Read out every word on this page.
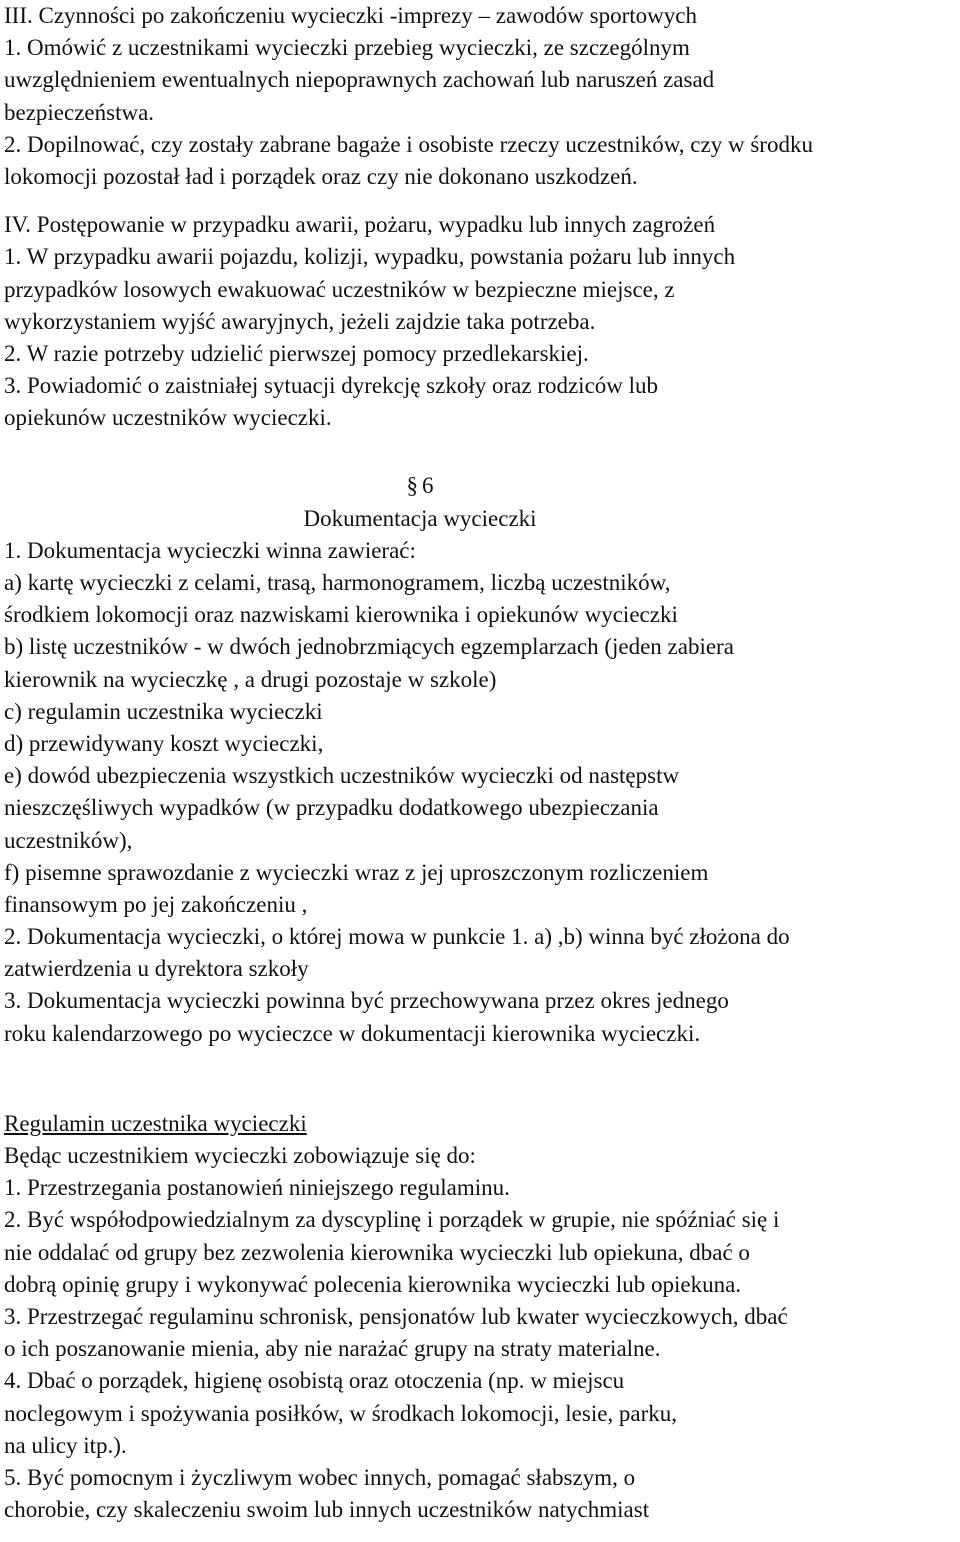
III. Czynności po zakończeniu wycieczki -imprezy – zawodów sportowych
1. Omówić z uczestnikami wycieczki przebieg wycieczki, ze szczególnym
uwzględnieniem ewentualnych niepoprawnych zachowań lub naruszeń zasad
bezpieczeństwa.
2. Dopilnować, czy zostały zabrane bagaże i osobiste rzeczy uczestników, czy w środku
lokomocji pozostał ład i porządek oraz czy nie dokonano uszkodzeń.
IV. Postępowanie w przypadku awarii, pożaru, wypadku lub innych zagrożeń
1. W przypadku awarii pojazdu, kolizji, wypadku, powstania pożaru lub innych
przypadków losowych ewakuować uczestników w bezpieczne miejsce, z
wykorzystaniem wyjść awaryjnych, jeżeli zajdzie taka potrzeba.
2. W razie potrzeby udzielić pierwszej pomocy przedlekarskiej.
3. Powiadomić o zaistniałej sytuacji dyrekcję szkoły oraz rodziców lub
opiekunów uczestników wycieczki.
§ 6
Dokumentacja wycieczki
1. Dokumentacja wycieczki winna zawierać:
a) kartę wycieczki z celami, trasą, harmonogramem, liczbą uczestników,
środkiem lokomocji oraz nazwiskami kierownika i opiekunów wycieczki
b) listę uczestników - w dwóch jednobrzmiących egzemplarzach (jeden zabiera
kierownik na wycieczkę , a drugi pozostaje w szkole)
c) regulamin uczestnika wycieczki
d) przewidywany koszt wycieczki,
e) dowód ubezpieczenia wszystkich uczestników wycieczki od następstw
nieszczęśliwych wypadków (w przypadku dodatkowego ubezpieczania
uczestników),
f) pisemne sprawozdanie z wycieczki wraz z jej uproszczonym rozliczeniem
finansowym po jej zakończeniu ,
2. Dokumentacja wycieczki, o której mowa w punkcie 1. a) ,b) winna być złożona do
zatwierdzenia u dyrektora szkoły
3. Dokumentacja wycieczki powinna być przechowywana przez okres jednego
roku kalendarzowego po wycieczce w dokumentacji kierownika wycieczki.
Regulamin uczestnika wycieczki
Będąc uczestnikiem wycieczki zobowiązuje się do:
1. Przestrzegania postanowień niniejszego regulaminu.
2. Być współodpowiedzialnym za dyscyplinę i porządek w grupie, nie spóźniać się i
nie oddalać od grupy bez zezwolenia kierownika wycieczki lub opiekuna, dbać o
dobrą opinię grupy i wykonywać polecenia kierownika wycieczki lub opiekuna.
3. Przestrzegać regulaminu schronisk, pensjonatów lub kwater wycieczkowych, dbać
o ich poszanowanie mienia, aby nie narażać grupy na straty materialne.
4. Dbać o porządek, higienę osobistą oraz otoczenia (np. w miejscu
noclegowym i spożywania posiłków, w środkach lokomocji, lesie, parku,
na ulicy itp.).
5. Być pomocnym i życzliwym wobec innych, pomagać słabszym, o
chorobie, czy skaleczeniu swoim lub innych uczestników natychmiast
